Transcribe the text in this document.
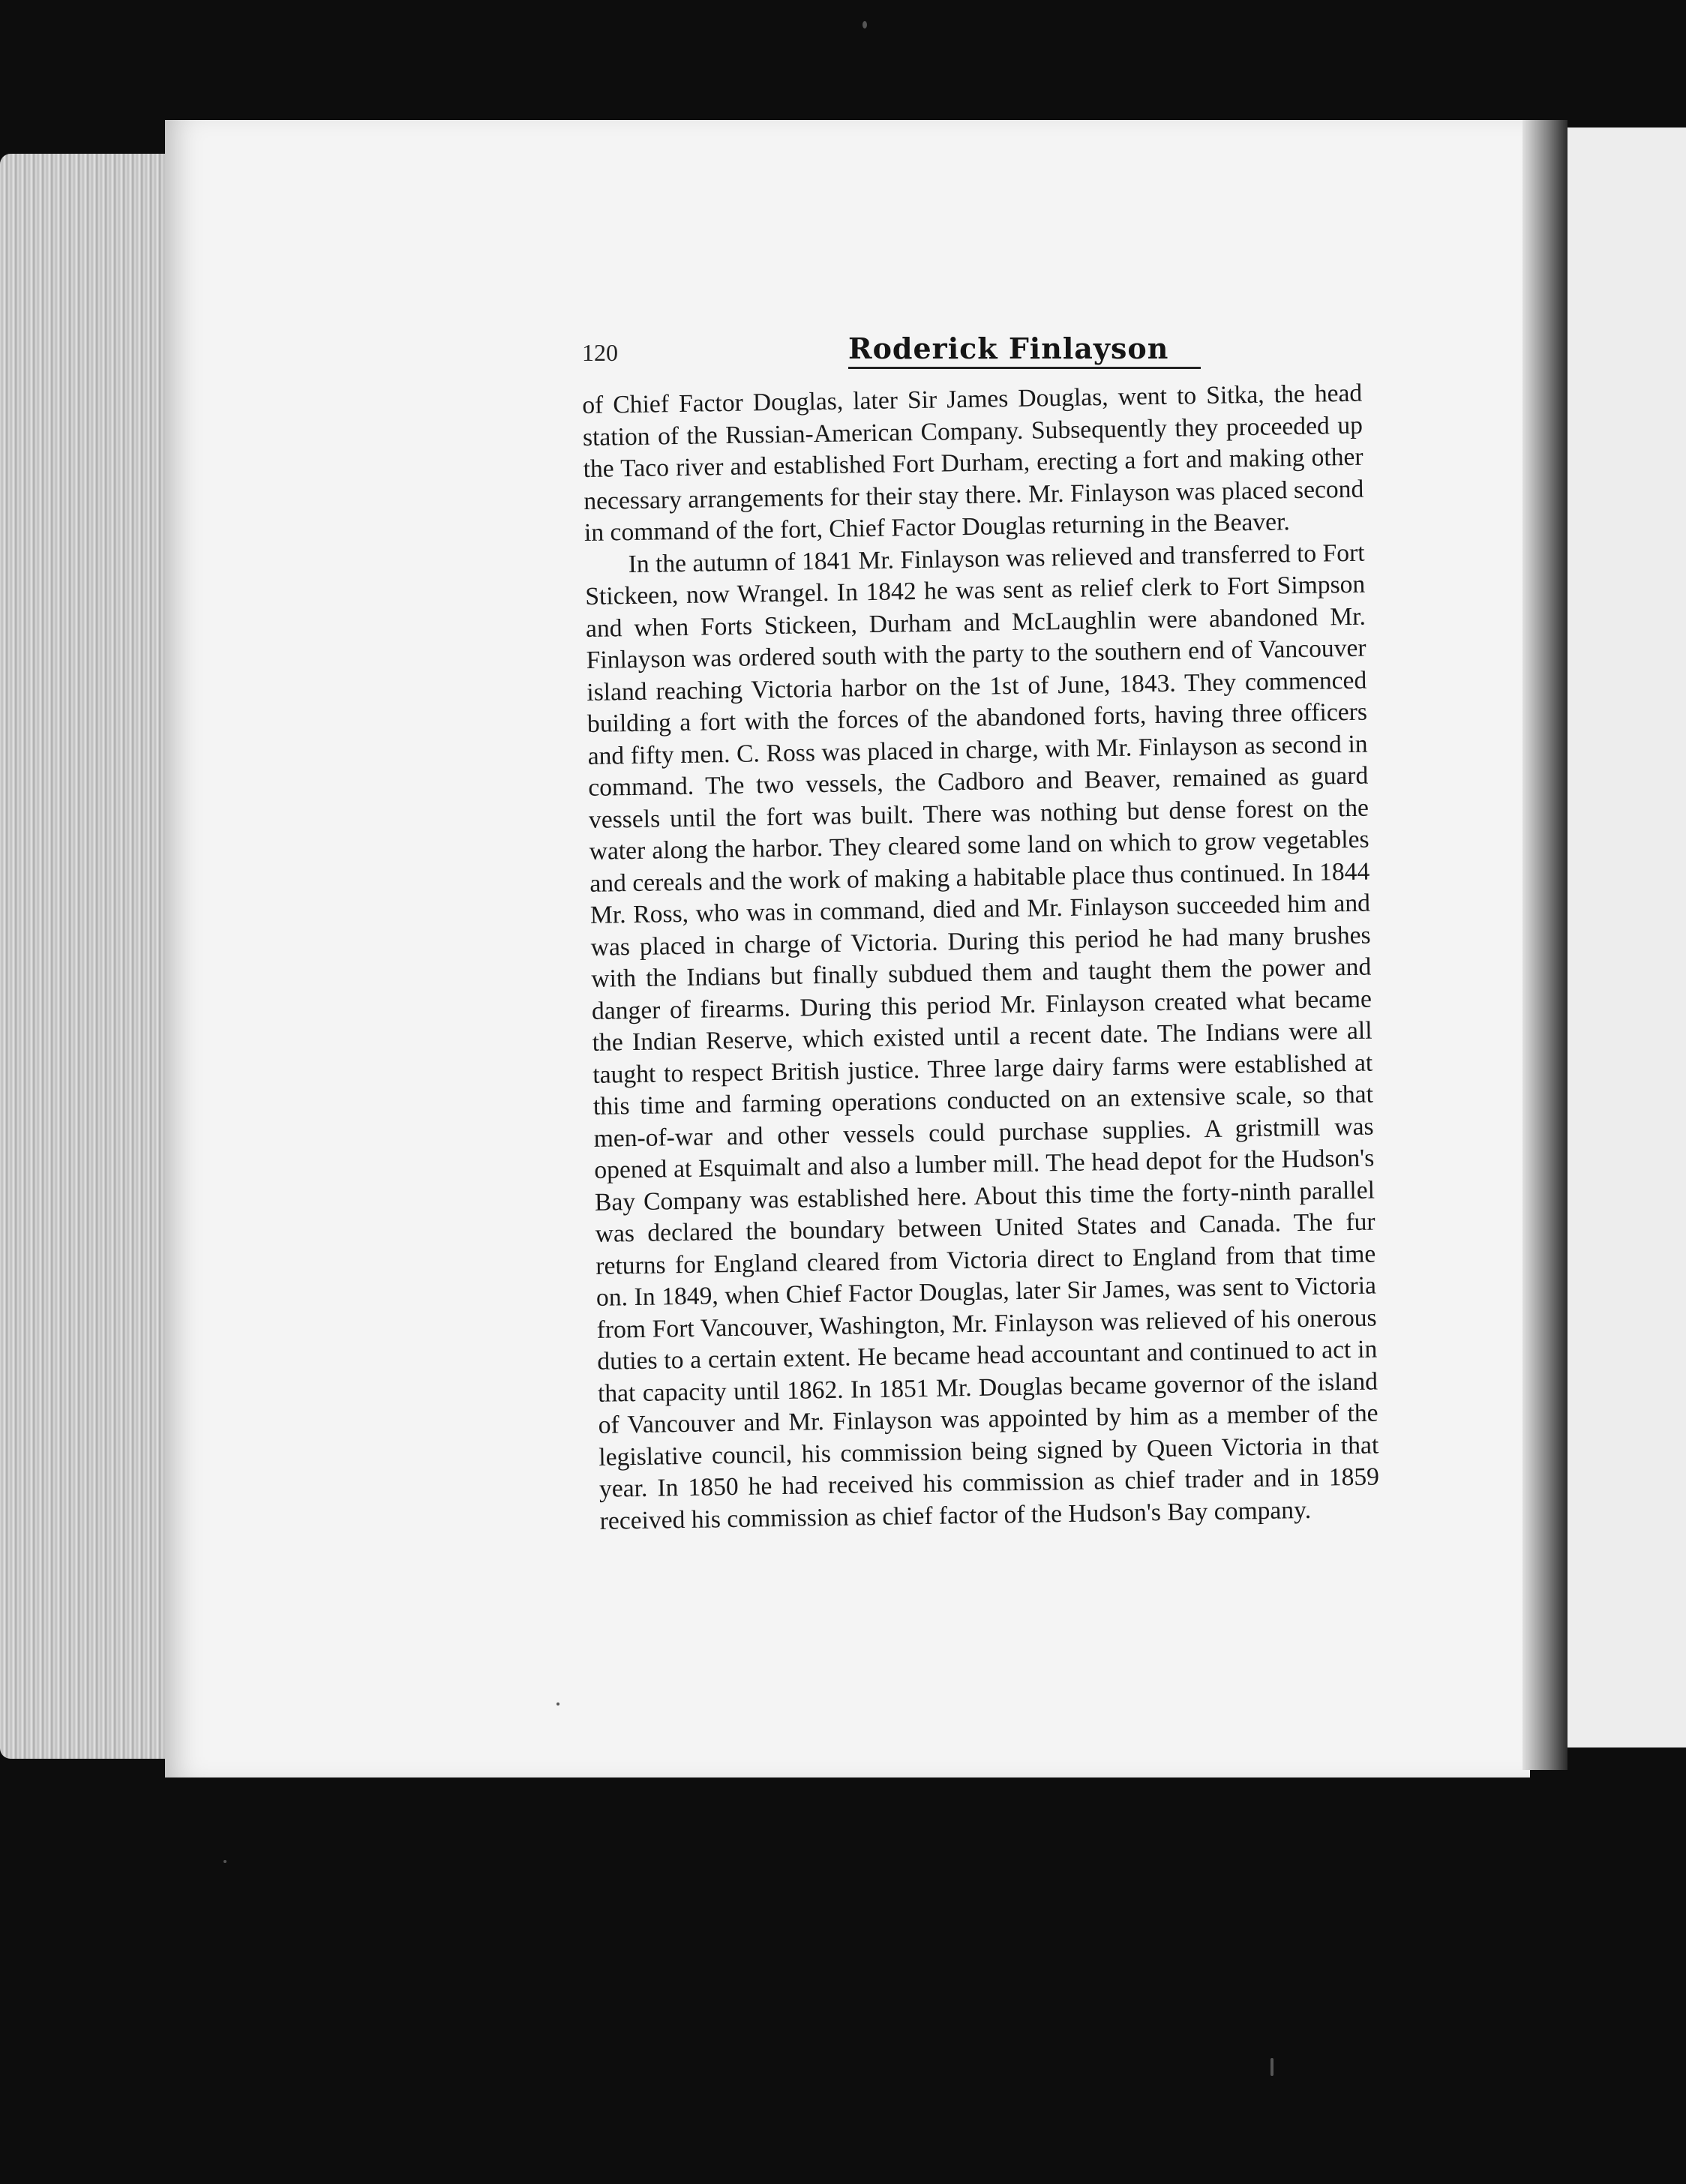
120	Roderick Finlayson

of Chief Factor Douglas, later Sir James Douglas, went to Sitka, the head station of the Russian-American Company. Subsequently they proceeded up the Taco river and established Fort Durham, erecting a fort and making other necessary arrangements for their stay there. Mr. Finlayson was placed second in command of the fort, Chief Factor Douglas returning in the Beaver.

In the autumn of 1841 Mr. Finlayson was relieved and transferred to Fort Stickeen, now Wrangel. In 1842 he was sent as relief clerk to Fort Simpson and when Forts Stickeen, Durham and McLaughlin were abandoned Mr. Finlayson was ordered south with the party to the southern end of Vancouver island reaching Victoria harbor on the 1st of June, 1843. They commenced building a fort with the forces of the abandoned forts, having three officers and fifty men. C. Ross was placed in charge, with Mr. Finlayson as second in command. The two vessels, the Cadboro and Beaver, remained as guard vessels until the fort was built. There was nothing but dense forest on the water along the harbor. They cleared some land on which to grow vegetables and cereals and the work of making a habitable place thus continued. In 1844 Mr. Ross, who was in command, died and Mr. Finlayson succeeded him and was placed in charge of Victoria. During this period he had many brushes with the Indians but finally subdued them and taught them the power and danger of firearms. During this period Mr. Finlayson created what became the Indian Reserve, which existed until a recent date. The Indians were all taught to respect British justice. Three large dairy farms were established at this time and farming operations conducted on an extensive scale, so that men-of-war and other vessels could purchase supplies. A gristmill was opened at Esquimalt and also a lumber mill. The head depot for the Hudson's Bay Company was established here. About this time the forty-ninth parallel was declared the boundary between United States and Canada. The fur returns for England cleared from Victoria direct to England from that time on. In 1849, when Chief Factor Douglas, later Sir James, was sent to Victoria from Fort Vancouver, Washington, Mr. Finlayson was relieved of his onerous duties to a certain extent. He became head accountant and continued to act in that capacity until 1862. In 1851 Mr. Douglas became governor of the island of Vancouver and Mr. Finlayson was appointed by him as a member of the legislative council, his commission being signed by Queen Victoria in that year. In 1850 he had received his commission as chief trader and in 1859 received his commission as chief factor of the Hudson's Bay company.
